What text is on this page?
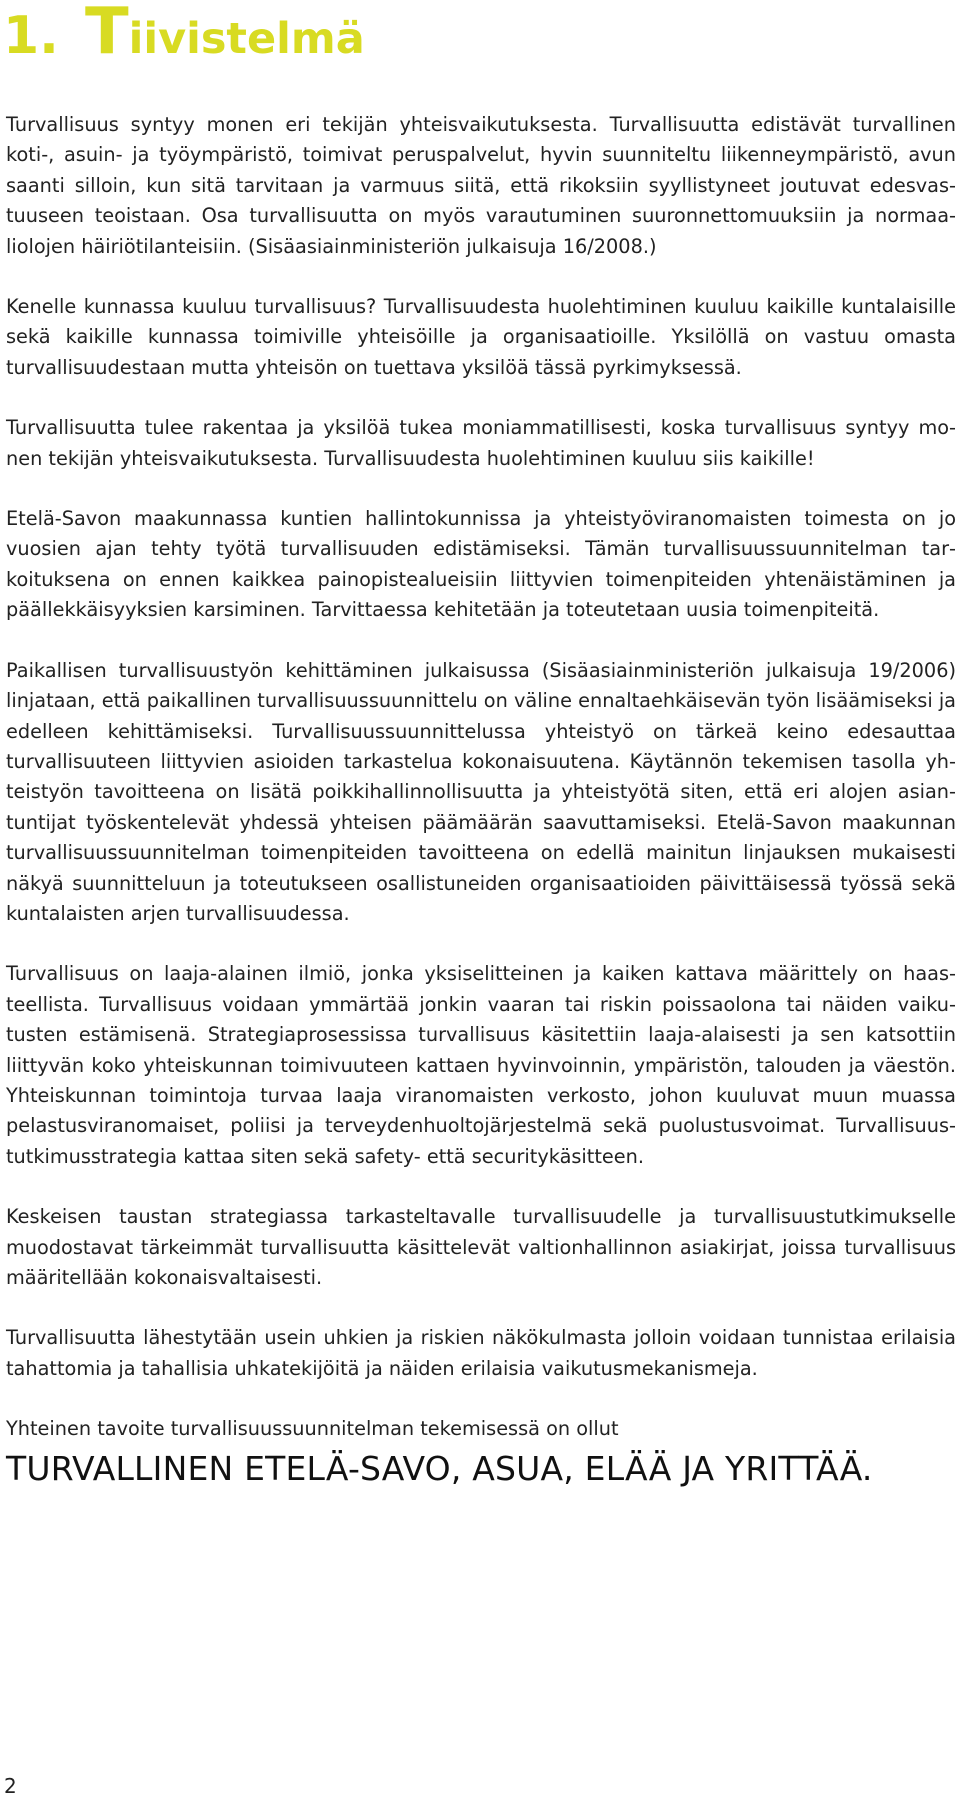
1. Tiivistelmä

Turvallisuus syntyy monen eri tekijän yhteisvaikutuksesta. Turvallisuutta edistävät turvallinen koti-, asuin- ja työympäristö, toimivat peruspalvelut, hyvin suunniteltu liikenneympäristö, avun saanti silloin, kun sitä tarvitaan ja varmuus siitä, että rikoksiin syyllistyneet joutuvat edesvastuuseen teoistaan. Osa turvallisuutta on myös varautuminen suuronnettomuuksiin ja normaaliolojen häiriötilanteisiin. (Sisäasiainministeriön julkaisuja 16/2008.)

Kenelle kunnassa kuuluu turvallisuus? Turvallisuudesta huolehtiminen kuuluu kaikille kuntalaisille sekä kaikille kunnassa toimiville yhteisöille ja organisaatioille. Yksilöllä on vastuu omasta turvallisuudestaan mutta yhteisön on tuettava yksilöä tässä pyrkimyksessä.

Turvallisuutta tulee rakentaa ja yksilöä tukea moniammatillisesti, koska turvallisuus syntyy monen tekijän yhteisvaikutuksesta. Turvallisuudesta huolehtiminen kuuluu siis kaikille!

Etelä-Savon maakunnassa kuntien hallintokunnissa ja yhteistyöviranomaisten toimesta on jo vuosien ajan tehty työtä turvallisuuden edistämiseksi. Tämän turvallisuussuunnitelman tarkoituksena on ennen kaikkea painopistealueisiin liittyvien toimenpiteiden yhtenäistäminen ja päällekkäisyyksien karsiminen. Tarvittaessa kehitetään ja toteutetaan uusia toimenpiteitä.

Paikallisen turvallisuustyön kehittäminen julkaisussa (Sisäasiainministeriön julkaisuja 19/2006) linjataan, että paikallinen turvallisuussuunnittelu on väline ennaltaehkäisevän työn lisäämiseksi ja edelleen kehittämiseksi. Turvallisuussuunnittelussa yhteistyö on tärkeä keino edesauttaa turvallisuuteen liittyvien asioiden tarkastelua kokonaisuutena. Käytännön tekemisen tasolla yhteistyön tavoitteena on lisätä poikkihallinnollisuutta ja yhteistyötä siten, että eri alojen asiantuntijat työskentelevät yhdessä yhteisen päämäärän saavuttamiseksi. Etelä-Savon maakunnan turvallisuussuunnitelman toimenpiteiden tavoitteena on edellä mainitun linjauksen mukaisesti näkyä suunnitteluun ja toteutukseen osallistuneiden organisaatioiden päivittäisessä työssä sekä kuntalaisten arjen turvallisuudessa.

Turvallisuus on laaja-alainen ilmiö, jonka yksiselitteinen ja kaiken kattava määrittely on haasteellista. Turvallisuus voidaan ymmärtää jonkin vaaran tai riskin poissaolona tai näiden vaikutusten estämisenä. Strategiaprosessissa turvallisuus käsitettiin laaja-alaisesti ja sen katsottiin liittyvän koko yhteiskunnan toimivuuteen kattaen hyvinvoinnin, ympäristön, talouden ja väestön. Yhteiskunnan toimintoja turvaa laaja viranomaisten verkosto, johon kuuluvat muun muassa pelastusviranomaiset, poliisi ja terveydenhuoltojärjestelmä sekä puolustusvoimat. Turvallisuustutkimusstrategia kattaa siten sekä safety- että securitykäsitteen.

Keskeisen taustan strategiassa tarkasteltavalle turvallisuudelle ja turvallisuustutkimukselle muodostavat tärkeimmät turvallisuutta käsittelevät valtionhallinnon asiakirjat, joissa turvallisuus määritellään kokonaisvaltaisesti.

Turvallisuutta lähestytään usein uhkien ja riskien näkökulmasta jolloin voidaan tunnistaa erilaisia tahattomia ja tahallisia uhkatekijöitä ja näiden erilaisia vaikutusmekanismeja.

Yhteinen tavoite turvallisuussuunnitelman tekemisessä on ollut

TURVALLINEN ETELÄ-SAVO, ASUA, ELÄÄ JA YRITTÄÄ.

2
